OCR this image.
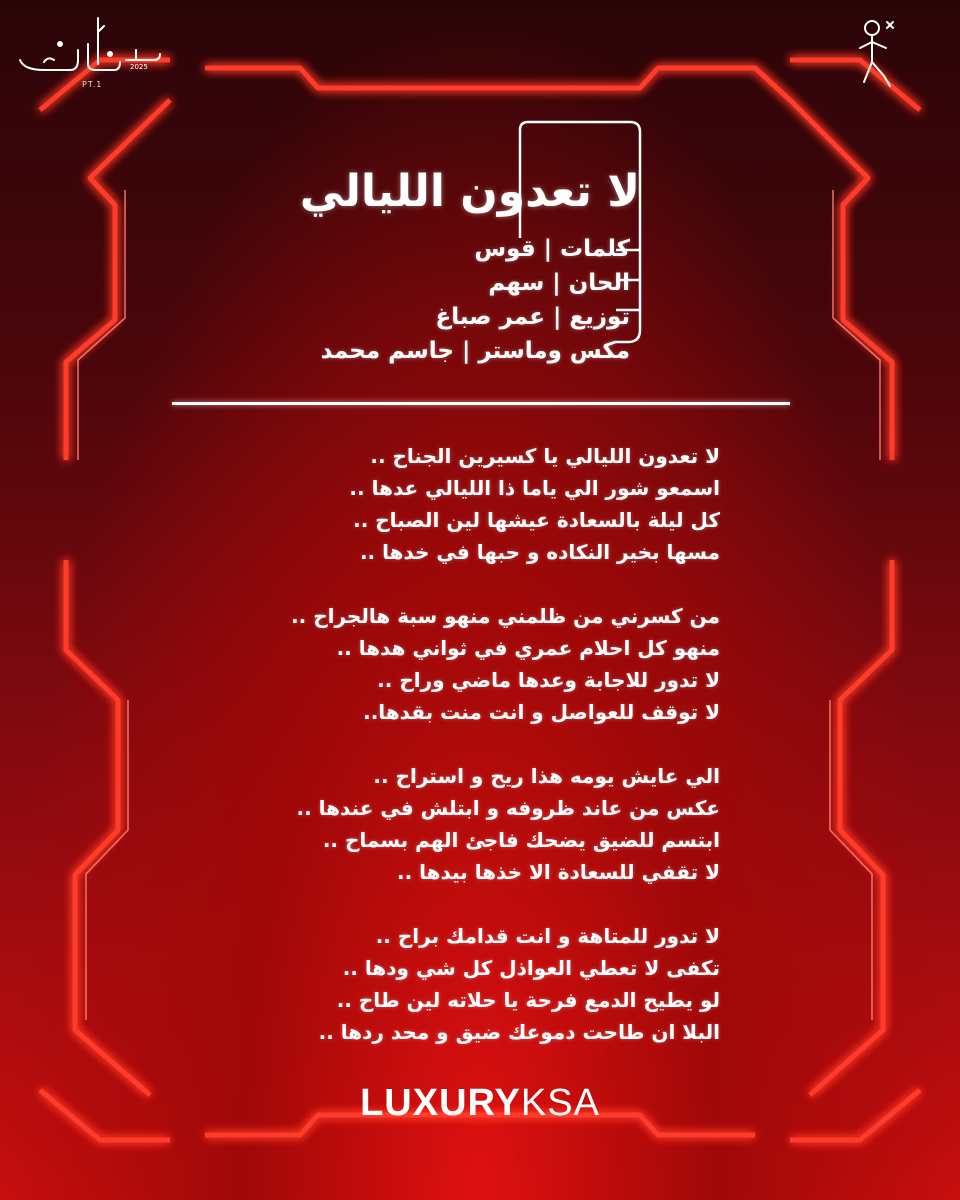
2025
PT.1
لا تعدون الليالي
كلمات | قوس
الحان | سهم
توزيع | عمر صباغ
مكس وماستر | جاسم محمد
لا تعدون الليالي يا كسيرين الجناح ..
اسمعو شور الي ياما ذا الليالي عدها ..
كل ليلة بالسعادة عيشها لين الصباح ..
مسها بخير النكاده و حبها في خدها ..
من كسرني من ظلمني منهو سبة هالجراح ..
منهو كل احلام عمري في ثواني هدها ..
لا تدور للاجابة وعدها ماضي وراح ..
لا توقف للعواصل و انت منت بقدها..
الي عايش يومه هذا ريح و استراح ..
عكس من عاند ظروفه و ابتلش في عندها ..
ابتسم للضيق يضحك فاجئ الهم بسماح ..
لا تقفي للسعادة الا خذها بيدها ..
لا تدور للمتاهة و انت قدامك براح ..
تكفى لا تعطي العواذل كل شي ودها ..
لو يطيح الدمع فرحة يا حلاته لين طاح ..
البلا ان طاحت دموعك ضيق و محد ردها ..
LUXURYKSA
